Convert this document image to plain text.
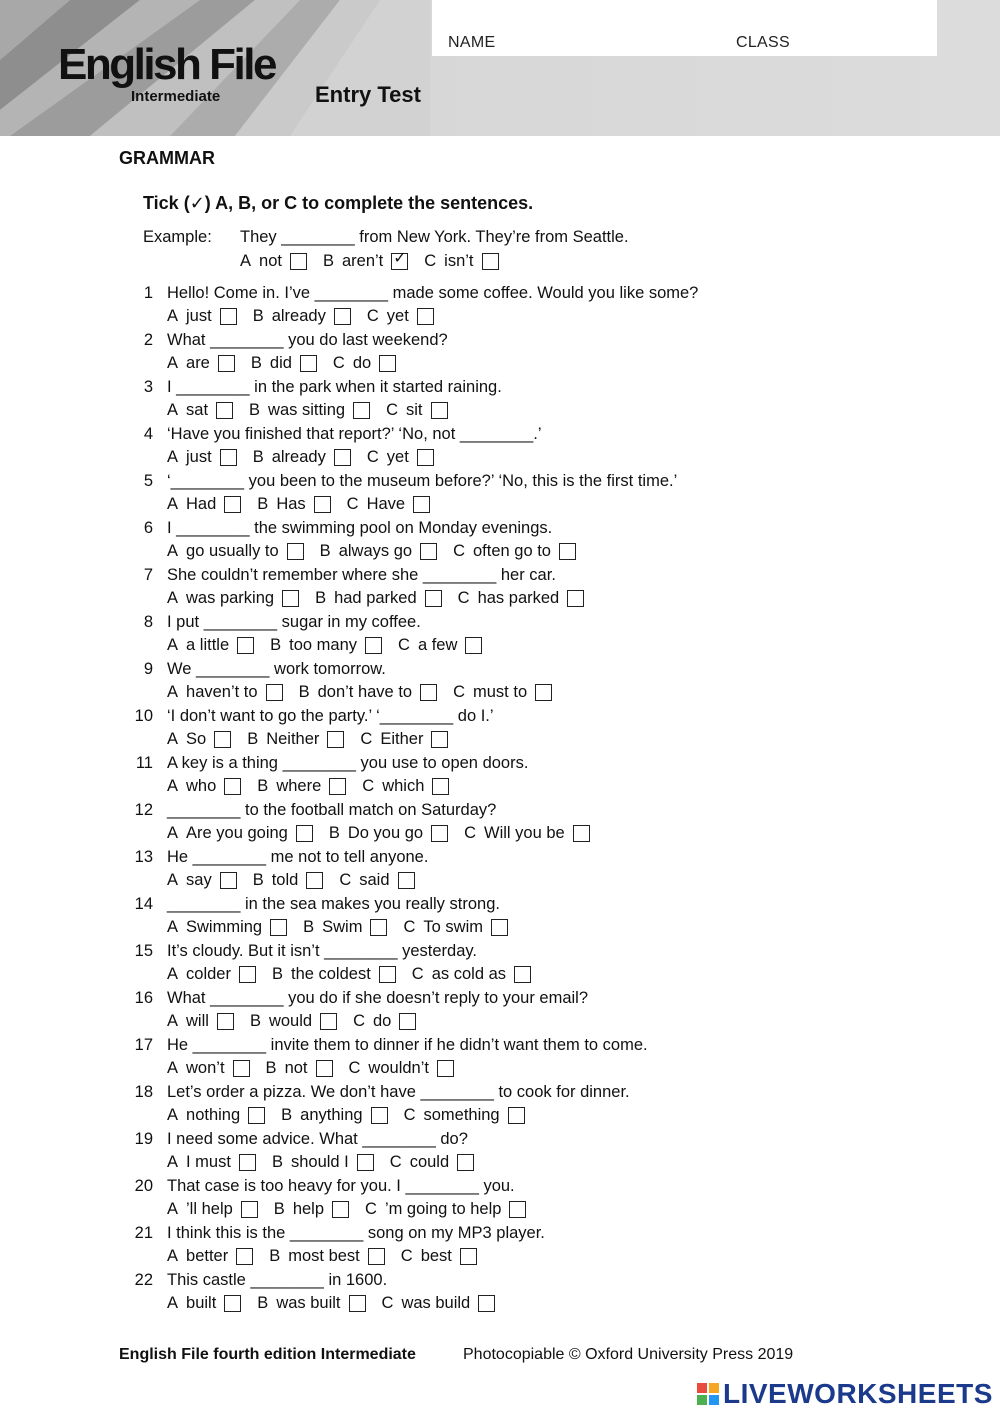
NAME	CLASS
English File
Intermediate	Entry Test
GRAMMAR
Tick (✓) A, B, or C to complete the sentences.
Example: They ________ from New York. They’re from Seattle.
A not B aren’t ✓ C isn’t
1 Hello! Come in. I’ve ________ made some coffee. Would you like some?
A just B already C yet
2 What ________ you do last weekend?
A are B did C do
3 I ________ in the park when it started raining.
A sat B was sitting C sit
4 ‘Have you finished that report?’ ‘No, not ________.’
A just B already C yet
5 ‘________ you been to the museum before?’ ‘No, this is the first time.’
A Had B Has C Have
6 I ________ the swimming pool on Monday evenings.
A go usually to B always go C often go to
7 She couldn’t remember where she ________ her car.
A was parking B had parked C has parked
8 I put ________ sugar in my coffee.
A a little B too many C a few
9 We ________ work tomorrow.
A haven’t to B don’t have to C must to
10 ‘I don’t want to go the party.’ ‘________ do I.’
A So B Neither C Either
11 A key is a thing ________ you use to open doors.
A who B where C which
12 ________ to the football match on Saturday?
A Are you going B Do you go C Will you be
13 He ________ me not to tell anyone.
A say B told C said
14 ________ in the sea makes you really strong.
A Swimming B Swim C To swim
15 It’s cloudy. But it isn’t ________ yesterday.
A colder B the coldest C as cold as
16 What ________ you do if she doesn’t reply to your email?
A will B would C do
17 He ________ invite them to dinner if he didn’t want them to come.
A won’t B not C wouldn’t
18 Let’s order a pizza. We don’t have ________ to cook for dinner.
A nothing B anything C something
19 I need some advice. What ________ do?
A I must B should I C could
20 That case is too heavy for you. I ________ you.
A ’ll help B help C ’m going to help
21 I think this is the ________ song on my MP3 player.
A better B most best C best
22 This castle ________ in 1600.
A built B was built C was build
English File fourth edition Intermediate	Photocopiable © Oxford University Press 2019
LIVEWORKSHEETS
